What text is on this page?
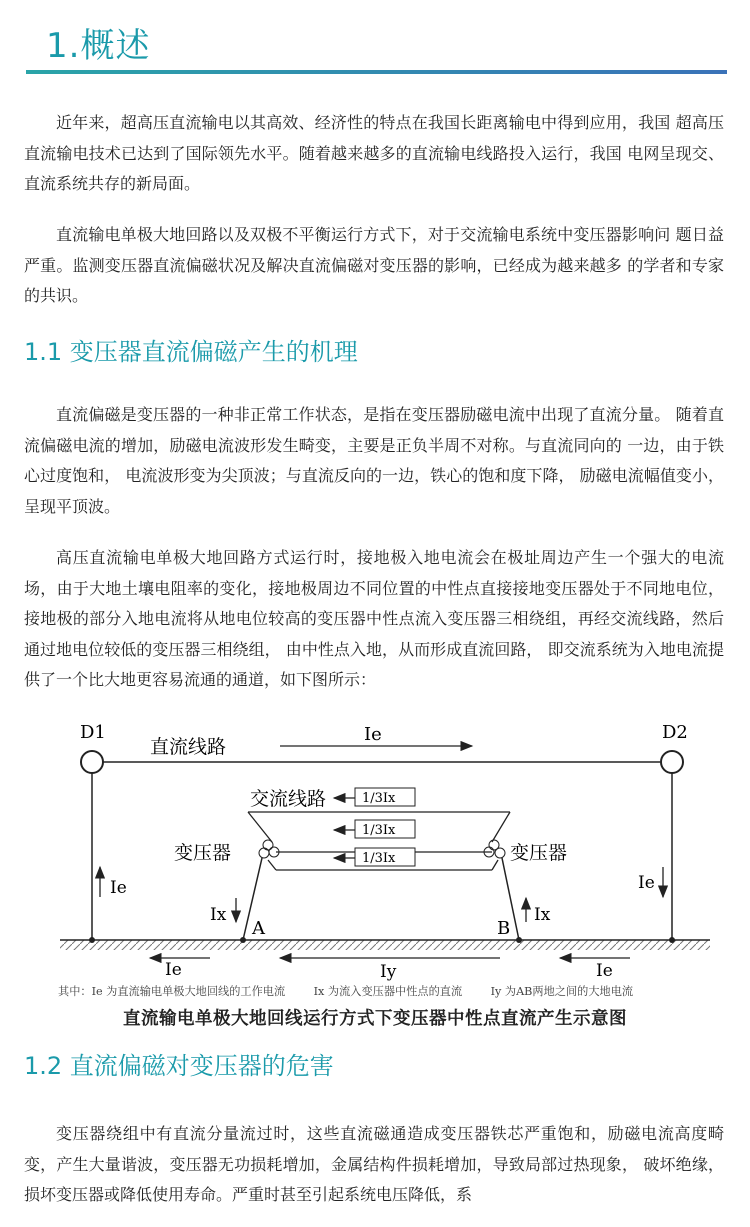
1.概述

近年来，超高压直流输电以其高效、经济性的特点在我国长距离输电中得到应用，我国 超高压直流输电技术已达到了国际领先水平。随着越来越多的直流输电线路投入运行，我国 电网呈现交、直流系统共存的新局面。

直流输电单极大地回路以及双极不平衡运行方式下，对于交流输电系统中变压器影响问 题日益严重。监测变压器直流偏磁状况及解决直流偏磁对变压器的影响，已经成为越来越多 的学者和专家的共识。

1.1 变压器直流偏磁产生的机理

直流偏磁是变压器的一种非正常工作状态，是指在变压器励磁电流中出现了直流分量。 随着直流偏磁电流的增加，励磁电流波形发生畸变，主要是正负半周不对称。与直流同向的 一边，由于铁心过度饱和， 电流波形变为尖顶波；与直流反向的一边，铁心的饱和度下降， 励磁电流幅值变小，呈现平顶波。

高压直流输电单极大地回路方式运行时，接地极入地电流会在极址周边产生一个强大的电流场，由于大地土壤电阻率的变化，接地极周边不同位置的中性点直接接地变压器处于不同地电位，接地极的部分入地电流将从地电位较高的变压器中性点流入变压器三相绕组，再经交流线路，然后通过地电位较低的变压器三相绕组， 由中性点入地，从而形成直流回路， 即交流系统为入地电流提供了一个比大地更容易流通的通道，如下图所示：

D1	D2
直流线路
Ie
Ie	Ie
交流线路	1/3Ix
1/3Ix
1/3Ix
变压器	变压器
Ix	Ix
A	B
Ie	Iy	Ie
其中：Ie 为直流输电单极大地回线的工作电流        Ix 为流入变压器中性点的直流        Iy 为AB两地之间的大地电流
直流输电单极大地回线运行方式下变压器中性点直流产生示意图
1.2 直流偏磁对变压器的危害

变压器绕组中有直流分量流过时，这些直流磁通造成变压器铁芯严重饱和，励磁电流高度畸变，产生大量谐波，变压器无功损耗增加，金属结构件损耗增加，导致局部过热现象， 破坏绝缘，损坏变压器或降低使用寿命。严重时甚至引起系统电压降低，系
